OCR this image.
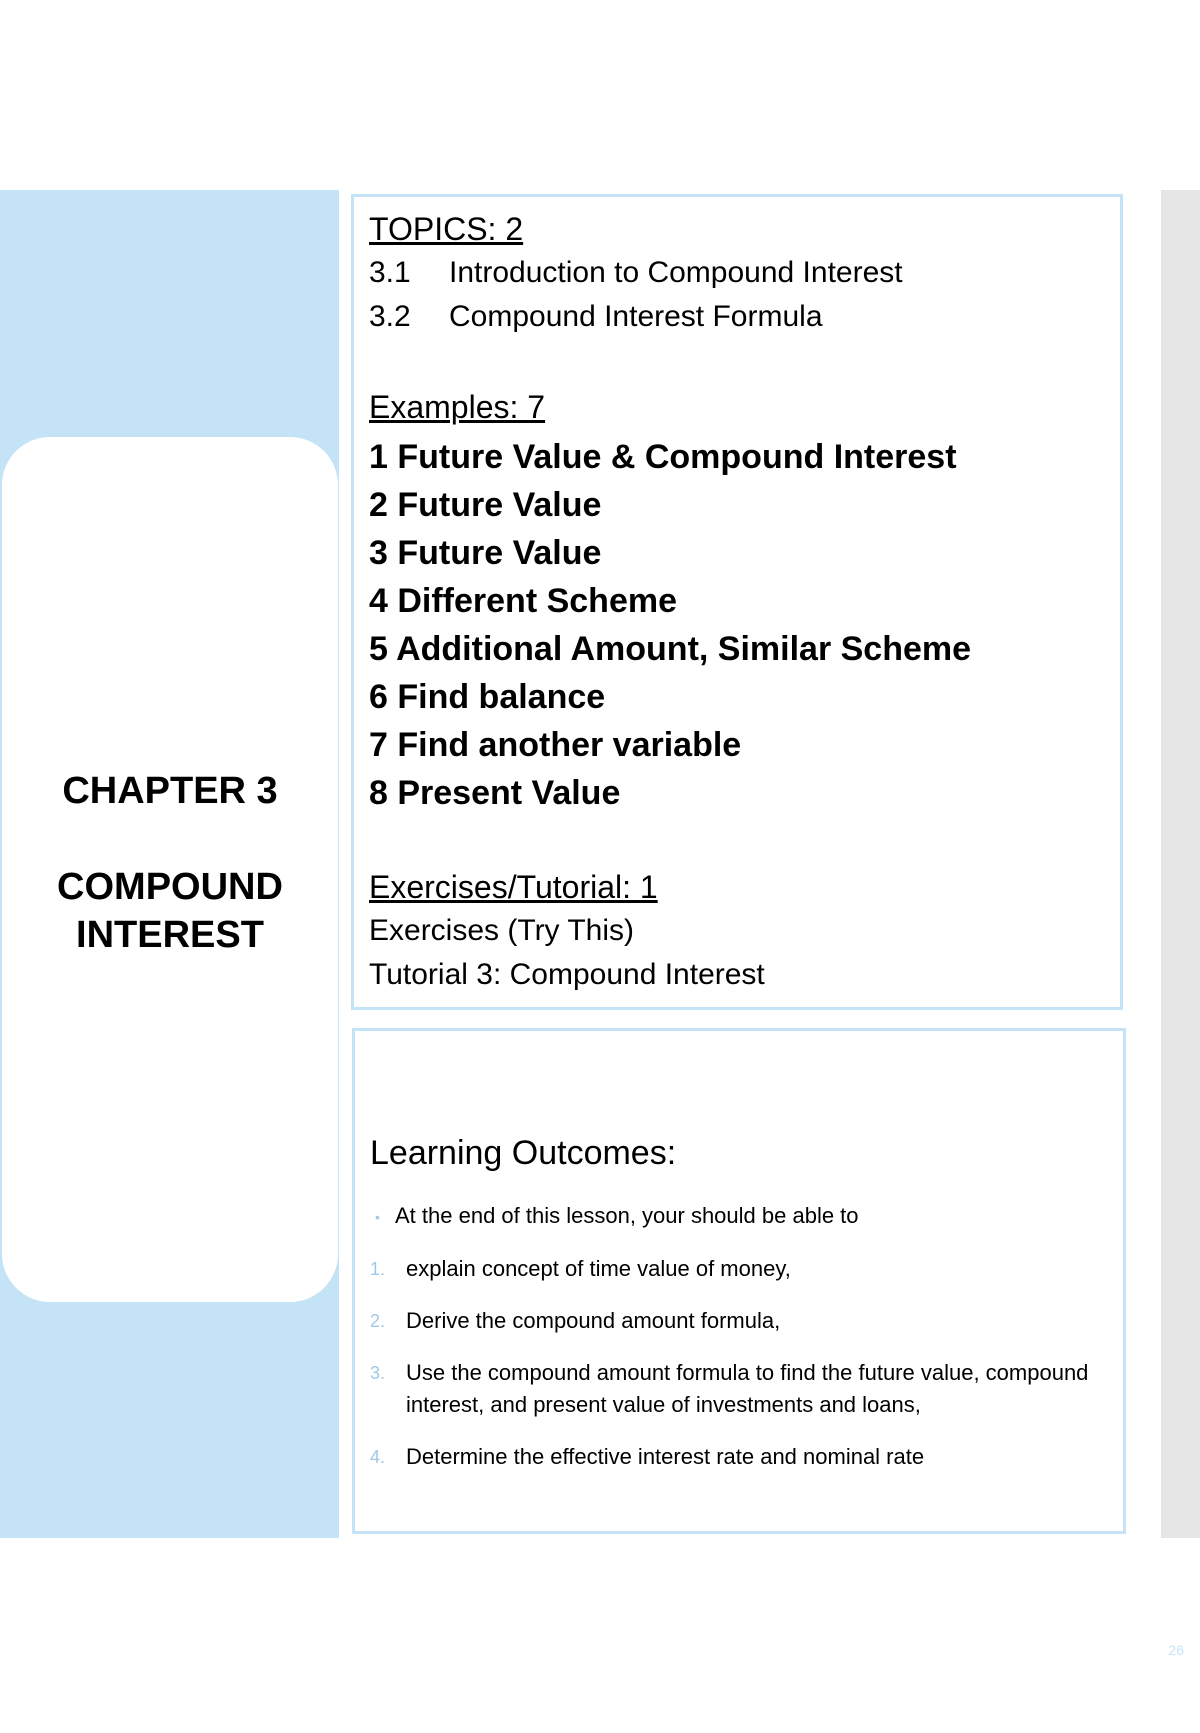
CHAPTER 3
COMPOUND
INTEREST
TOPICS: 2
3.1 Introduction to Compound Interest
3.2 Compound Interest Formula
Examples: 7
1 Future Value & Compound Interest
2 Future Value
3 Future Value
4 Different Scheme
5 Additional Amount, Similar Scheme
6 Find balance
7 Find another variable
8 Present Value
Exercises/Tutorial: 1
Exercises (Try This)
Tutorial 3: Compound Interest
Learning Outcomes:
• At the end of this lesson, your should be able to
1. explain concept of time value of money,
2. Derive the compound amount formula,
3. Use the compound amount formula to find the future value, compound interest, and present value of investments and loans,
4. Determine the effective interest rate and nominal rate
26
